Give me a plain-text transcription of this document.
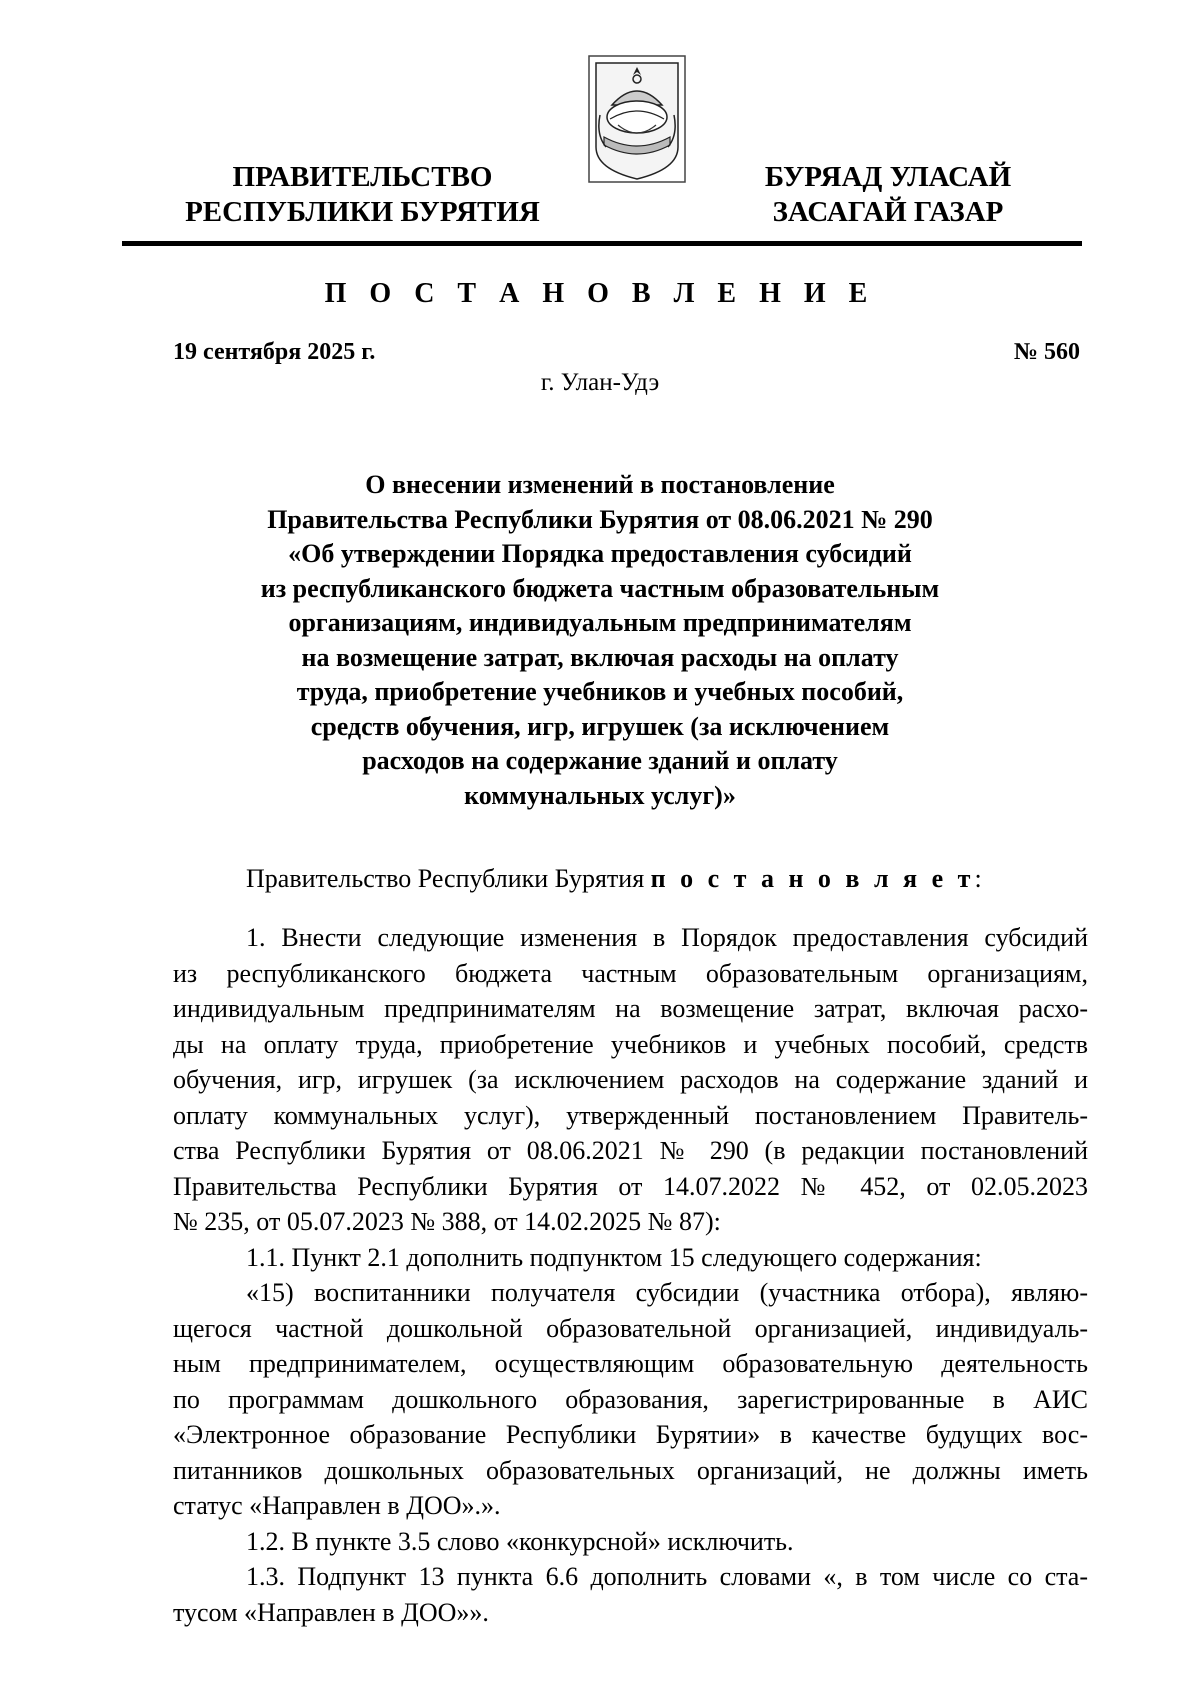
ПРАВИТЕЛЬСТВО
РЕСПУБЛИКИ БУРЯТИЯ
БУРЯАД УЛАСАЙ
ЗАСАГАЙ ГАЗАР
П О С Т А Н О В Л Е Н И Е
19 сентября 2025 г.	№ 560
г. Улан-Удэ
О внесении изменений в постановление
Правительства Республики Бурятия от 08.06.2021 № 290
«Об утверждении Порядка предоставления субсидий
из республиканского бюджета частным образовательным
организациям, индивидуальным предпринимателям
на возмещение затрат, включая расходы на оплату
труда, приобретение учебников и учебных пособий,
средств обучения, игр, игрушек (за исключением
расходов на содержание зданий и оплату
коммунальных услуг)»
Правительство Республики Бурятия п о с т а н о в л я е т:
1. Внести следующие изменения в Порядок предоставления субсидий
из республиканского бюджета частным образовательным организациям,
индивидуальным предпринимателям на возмещение затрат, включая расхо-
ды на оплату труда, приобретение учебников и учебных пособий, средств
обучения, игр, игрушек (за исключением расходов на содержание зданий и
оплату коммунальных услуг), утвержденный постановлением Правитель-
ства Республики Бурятия от 08.06.2021 № 290 (в редакции постановлений
Правительства Республики Бурятия от 14.07.2022 № 452, от 02.05.2023
№ 235, от 05.07.2023 № 388, от 14.02.2025 № 87):
1.1. Пункт 2.1 дополнить подпунктом 15 следующего содержания:
«15) воспитанники получателя субсидии (участника отбора), являю-
щегося частной дошкольной образовательной организацией, индивидуаль-
ным предпринимателем, осуществляющим образовательную деятельность
по программам дошкольного образования, зарегистрированные в АИС
«Электронное образование Республики Бурятии» в качестве будущих вос-
питанников дошкольных образовательных организаций, не должны иметь
статус «Направлен в ДОО».».
1.2. В пункте 3.5 слово «конкурсной» исключить.
1.3. Подпункт 13 пункта 6.6 дополнить словами «, в том числе со ста-
тусом «Направлен в ДОО»».
